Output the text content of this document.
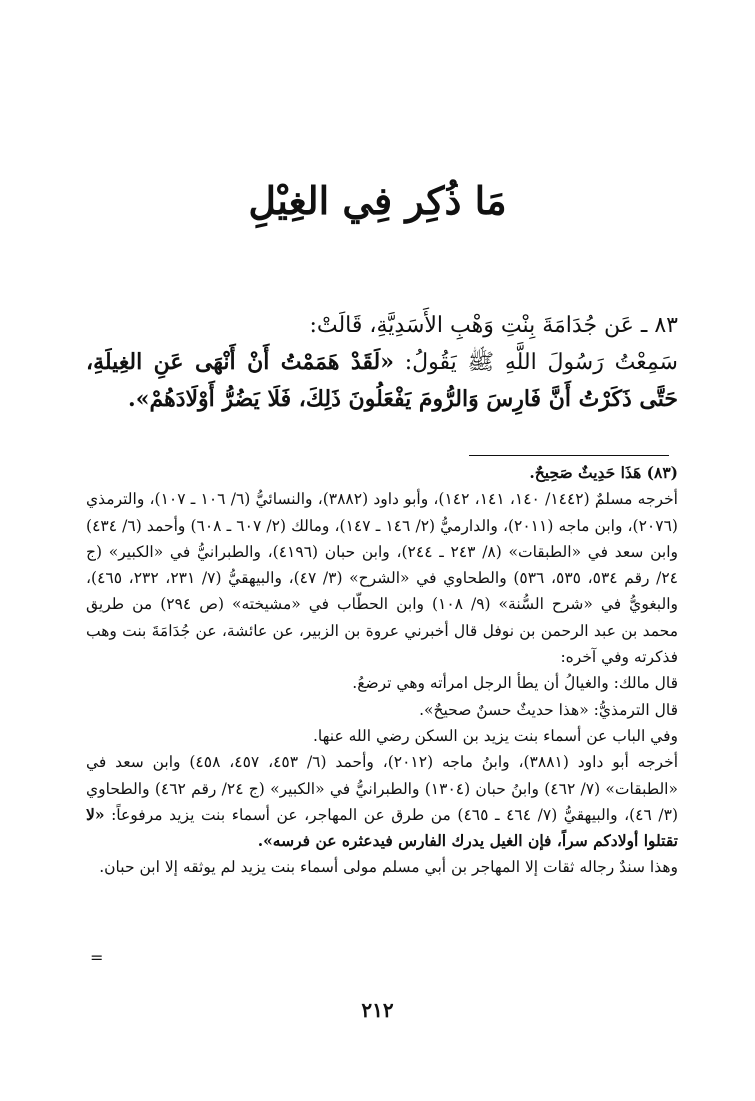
مَا ذُكِر فِي الغِيْلِ

٨٣ ـ عَن جُدَامَةَ بِنْتِ وَهْبِ الأَسَدِيَّةِ، قَالَتْ:

سَمِعْتُ رَسُولَ اللَّهِ ﷺ يَقُولُ: «لَقَدْ هَمَمْتُ أَنْ أَنْهَى عَنِ الغِيلَةِ، حَتَّى ذَكَرْتُ أَنَّ فَارِسَ وَالرُّومَ يَفْعَلُونَ ذَلِكَ، فَلَا يَضُرُّ أَوْلَادَهُمْ».

(٨٣) هَذَا حَدِيثٌ صَحِيحٌ.

أخرجه مسلمٌ (١٤٤٢/ ١٤٠، ١٤١، ١٤٢)، وأبو داود (٣٨٨٢)، والنسائيُّ (٦/ ١٠٦ ـ ١٠٧)، والترمذي (٢٠٧٦)، وابن ماجه (٢٠١١)، والدارميُّ (٢/ ١٤٦ ـ ١٤٧)، ومالك (٢/ ٦٠٧ ـ ٦٠٨) وأحمد (٦/ ٤٣٤) وابن سعد في «الطبقات» (٨/ ٢٤٣ ـ ٢٤٤)، وابن حبان (٤١٩٦)، والطبرانيُّ في «الكبير» (ج ٢٤/ رقم ٥٣٤، ٥٣٥، ٥٣٦) والطحاوي في «الشرح» (٣/ ٤٧)، والبيهقيُّ (٧/ ٢٣١، ٢٣٢، ٤٦٥)، والبغويُّ في «شرح السُّنة» (٩/ ١٠٨) وابن الحطّاب في «مشيخته» (ص ٢٩٤) من طريق محمد بن عبد الرحمن بن نوفل قال أخبرني عروة بن الزبير، عن عائشة، عن جُدَامَةَ بنت وهب فذكرته وفي آخره:

قال مالك: والغيالُ أن يطأ الرجل امرأته وهي ترضعُ.

قال الترمذيُّ: «هذا حديثٌ حسنٌ صحيحٌ».

وفي الباب عن أسماء بنت يزيد بن السكن رضي الله عنها.

أخرجه أبو داود (٣٨٨١)، وابنُ ماجه (٢٠١٢)، وأحمد (٦/ ٤٥٣، ٤٥٧، ٤٥٨) وابن سعد في «الطبقات» (٧/ ٤٦٢) وابنُ حبان (١٣٠٤) والطبرانيُّ في «الكبير» (ج ٢٤/ رقم ٤٦٢) والطحاوي (٣/ ٤٦)، والبيهقيُّ (٧/ ٤٦٤ ـ ٤٦٥) من طرق عن المهاجر، عن أسماء بنت يزيد مرفوعاً: «لا تقتلوا أولادكم سراً، فإن الغيل يدرك الفارس فيدعثره عن فرسه».

وهذا سندٌ رجاله ثقات إلا المهاجر بن أبي مسلم مولى أسماء بنت يزيد لم يوثقه إلا ابن حبان.

=
٢١٢
